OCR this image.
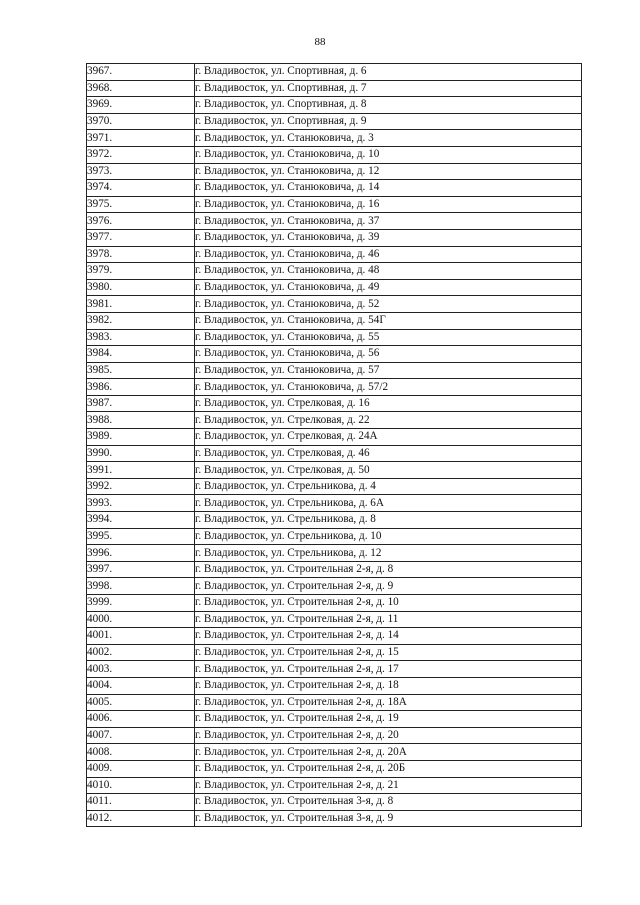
88
3967.	г. Владивосток, ул. Спортивная, д. 6
3968.	г. Владивосток, ул. Спортивная, д. 7
3969.	г. Владивосток, ул. Спортивная, д. 8
3970.	г. Владивосток, ул. Спортивная, д. 9
3971.	г. Владивосток, ул. Станюковича, д. 3
3972.	г. Владивосток, ул. Станюковича, д. 10
3973.	г. Владивосток, ул. Станюковича, д. 12
3974.	г. Владивосток, ул. Станюковича, д. 14
3975.	г. Владивосток, ул. Станюковича, д. 16
3976.	г. Владивосток, ул. Станюковича, д. 37
3977.	г. Владивосток, ул. Станюковича, д. 39
3978.	г. Владивосток, ул. Станюковича, д. 46
3979.	г. Владивосток, ул. Станюковича, д. 48
3980.	г. Владивосток, ул. Станюковича, д. 49
3981.	г. Владивосток, ул. Станюковича, д. 52
3982.	г. Владивосток, ул. Станюковича, д. 54Г
3983.	г. Владивосток, ул. Станюковича, д. 55
3984.	г. Владивосток, ул. Станюковича, д. 56
3985.	г. Владивосток, ул. Станюковича, д. 57
3986.	г. Владивосток, ул. Станюковича, д. 57/2
3987.	г. Владивосток, ул. Стрелковая, д. 16
3988.	г. Владивосток, ул. Стрелковая, д. 22
3989.	г. Владивосток, ул. Стрелковая, д. 24А
3990.	г. Владивосток, ул. Стрелковая, д. 46
3991.	г. Владивосток, ул. Стрелковая, д. 50
3992.	г. Владивосток, ул. Стрельникова, д. 4
3993.	г. Владивосток, ул. Стрельникова, д. 6А
3994.	г. Владивосток, ул. Стрельникова, д. 8
3995.	г. Владивосток, ул. Стрельникова, д. 10
3996.	г. Владивосток, ул. Стрельникова, д. 12
3997.	г. Владивосток, ул. Строительная 2-я, д. 8
3998.	г. Владивосток, ул. Строительная 2-я, д. 9
3999.	г. Владивосток, ул. Строительная 2-я, д. 10
4000.	г. Владивосток, ул. Строительная 2-я, д. 11
4001.	г. Владивосток, ул. Строительная 2-я, д. 14
4002.	г. Владивосток, ул. Строительная 2-я, д. 15
4003.	г. Владивосток, ул. Строительная 2-я, д. 17
4004.	г. Владивосток, ул. Строительная 2-я, д. 18
4005.	г. Владивосток, ул. Строительная 2-я, д. 18А
4006.	г. Владивосток, ул. Строительная 2-я, д. 19
4007.	г. Владивосток, ул. Строительная 2-я, д. 20
4008.	г. Владивосток, ул. Строительная 2-я, д. 20А
4009.	г. Владивосток, ул. Строительная 2-я, д. 20Б
4010.	г. Владивосток, ул. Строительная 2-я, д. 21
4011.	г. Владивосток, ул. Строительная 3-я, д. 8
4012.	г. Владивосток, ул. Строительная 3-я, д. 9
